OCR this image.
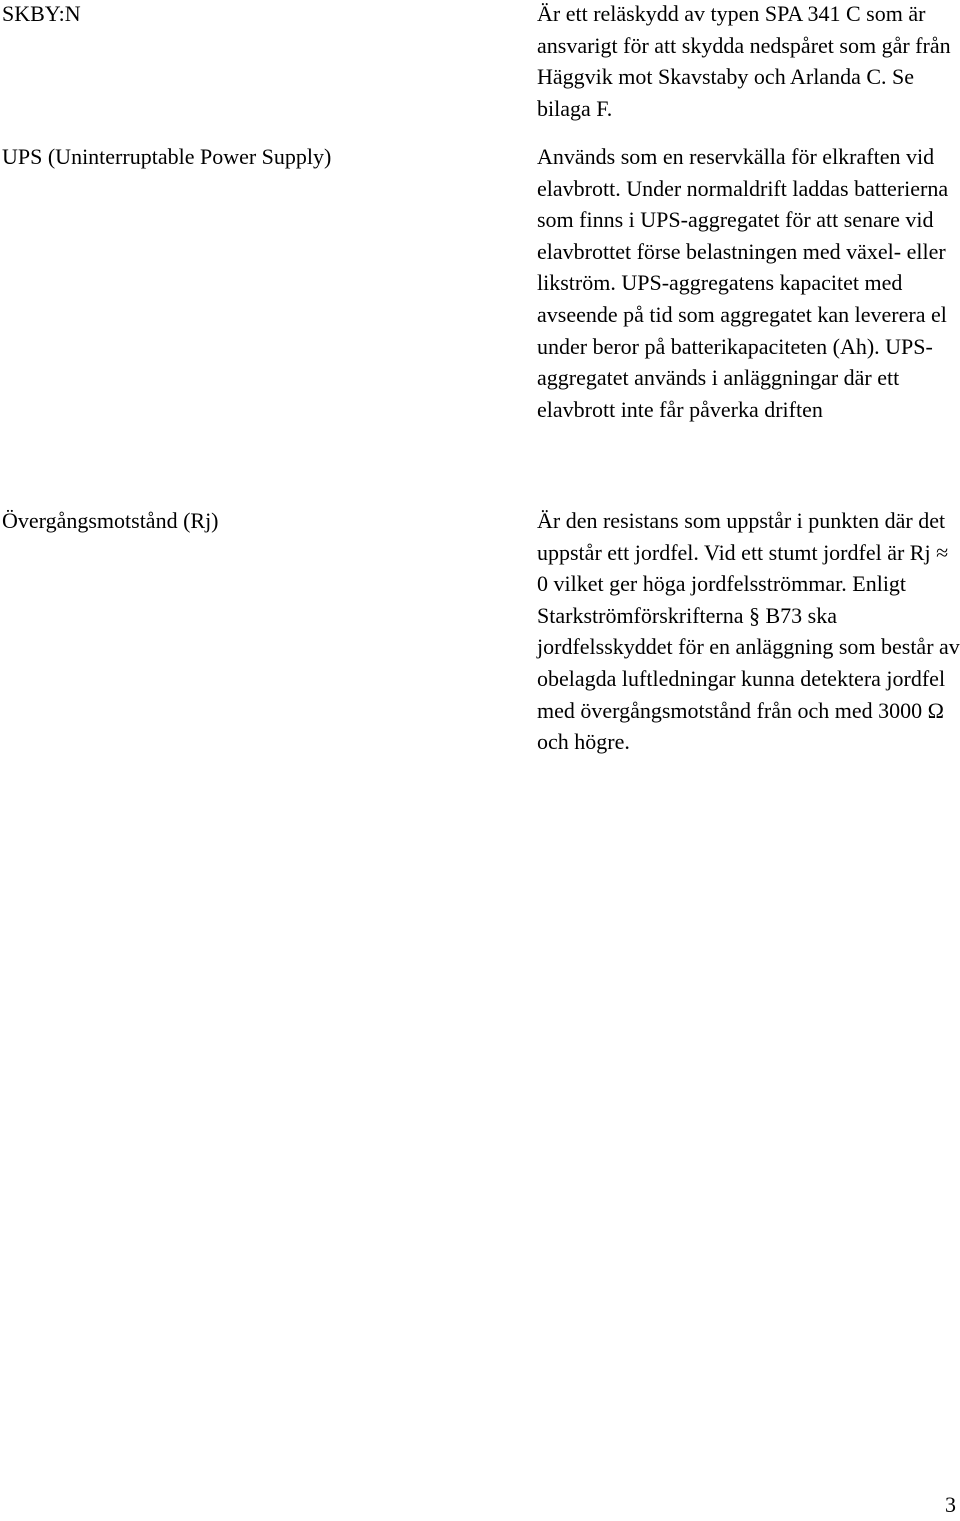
SKBY:N	Är ett reläskydd av typen SPA 341 C som är ansvarigt för att skydda nedspåret som går från Häggvik mot Skavstaby och Arlanda C. Se bilaga F.

UPS (Uninterruptable Power Supply)	Används som en reservkälla för elkraften vid elavbrott. Under normaldrift laddas batterierna som finns i UPS-aggregatet för att senare vid elavbrottet förse belastningen med växel- eller likström. UPS-aggregatens kapacitet med avseende på tid som aggregatet kan leverera el under beror på batterikapaciteten (Ah). UPS-aggregatet används i anläggningar där ett elavbrott inte får påverka driften

Övergångsmotstånd (Rj)	Är den resistans som uppstår i punkten där det uppstår ett jordfel. Vid ett stumt jordfel är Rj ≈ 0 vilket ger höga jordfelsströmmar. Enligt Starkströmförskrifterna § B73 ska jordfelsskyddet för en anläggning som består av obelagda luftledningar kunna detektera jordfel med övergångsmotstånd från och med 3000 Ω och högre.

3
